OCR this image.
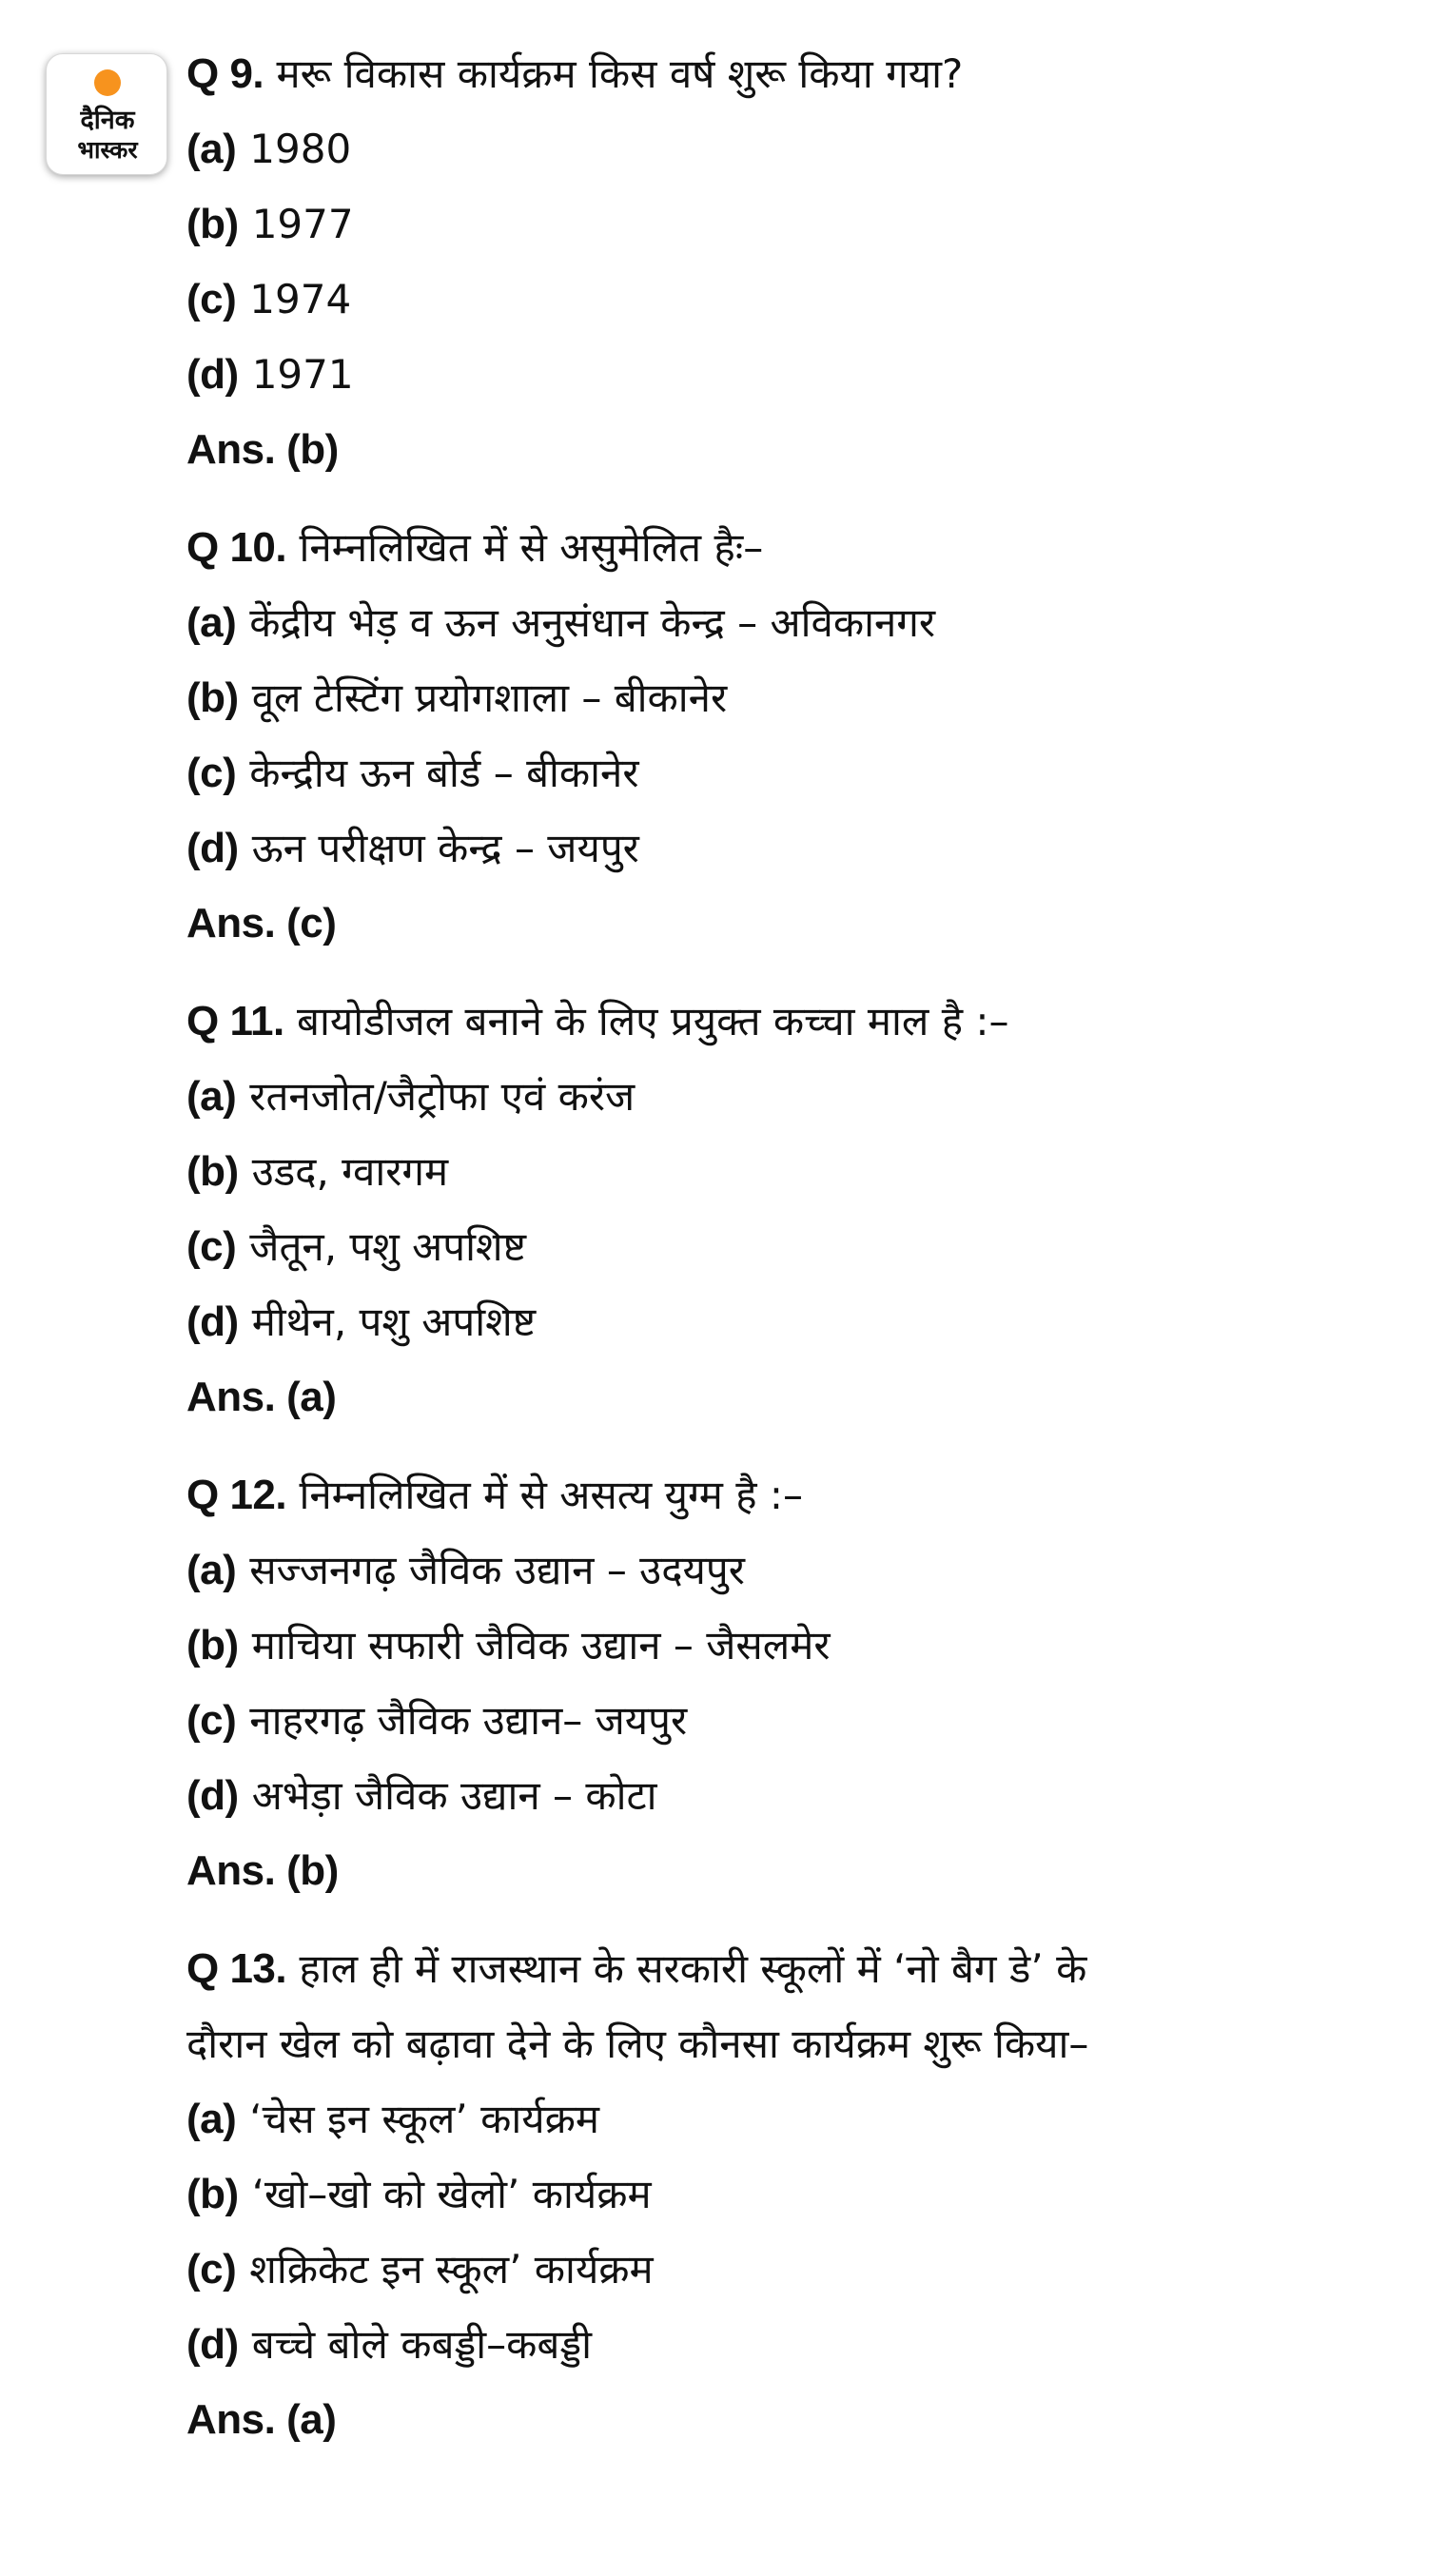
दैनिक
भास्कर
Q 9. मरू विकास कार्यक्रम किस वर्ष शुरू किया गया?
(a) 1980
(b) 1977
(c) 1974
(d) 1971
Ans. (b)
Q 10. निम्नलिखित में से असुमेलित हैः–
(a) केंद्रीय भेड़ व ऊन अनुसंधान केन्द्र – अविकानगर
(b) वूल टेस्टिंग प्रयोगशाला – बीकानेर
(c) केन्द्रीय ऊन बोर्ड – बीकानेर
(d) ऊन परीक्षण केन्द्र – जयपुर
Ans. (c)
Q 11. बायोडीजल बनाने के लिए प्रयुक्त कच्चा माल है :–
(a) रतनजोत/जैट्रोफा एवं करंज
(b) उडद, ग्वारगम
(c) जैतून, पशु अपशिष्ट
(d) मीथेन, पशु अपशिष्ट
Ans. (a)
Q 12. निम्नलिखित में से असत्य युग्म है :–
(a) सज्जनगढ़ जैविक उद्यान – उदयपुर
(b) माचिया सफारी जैविक उद्यान – जैसलमेर
(c) नाहरगढ़ जैविक उद्यान– जयपुर
(d) अभेड़ा जैविक उद्यान – कोटा
Ans. (b)
Q 13. हाल ही में राजस्थान के सरकारी स्कूलों में ‘नो बैग डे’ के
दौरान खेल को बढ़ावा देने के लिए कौनसा कार्यक्रम शुरू किया–
(a) ‘चेस इन स्कूल’ कार्यक्रम
(b) ‘खो–खो को खेलो’ कार्यक्रम
(c) शक्रिकेट इन स्कूल’ कार्यक्रम
(d) बच्चे बोले कबड्डी–कबड्डी
Ans. (a)
